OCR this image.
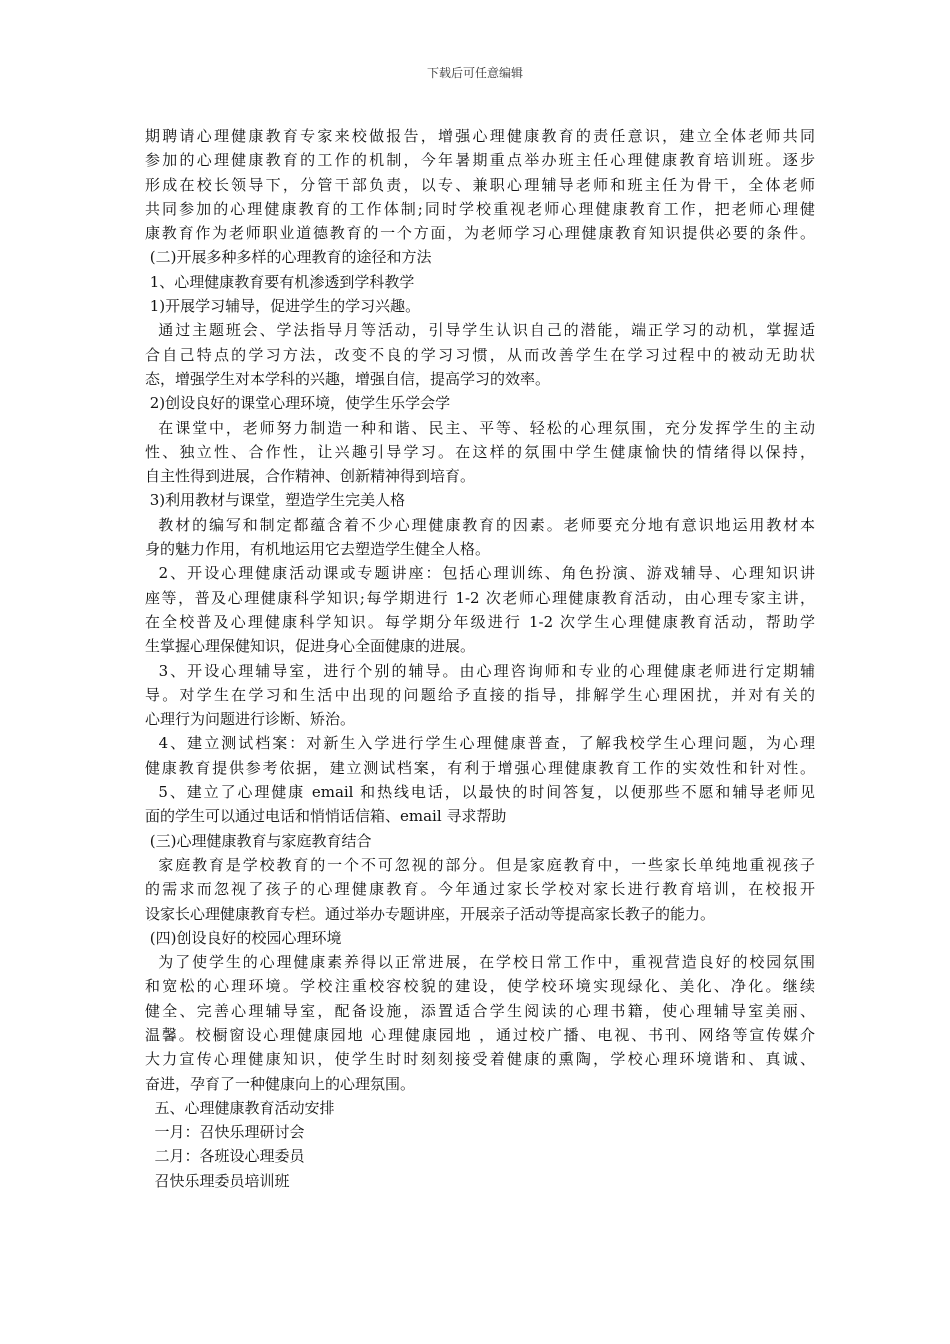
下载后可任意编辑
期聘请心理健康教育专家来校做报告，增强心理健康教育的责任意识，建立全体老师共同
参加的心理健康教育的工作的机制，今年暑期重点举办班主任心理健康教育培训班。逐步
形成在校长领导下，分管干部负责，以专、兼职心理辅导老师和班主任为骨干，全体老师
共同参加的心理健康教育的工作体制;同时学校重视老师心理健康教育工作，把老师心理健
康教育作为老师职业道德教育的一个方面，为老师学习心理健康教育知识提供必要的条件。
(二)开展多种多样的心理教育的途径和方法
1、心理健康教育要有机渗透到学科教学
1)开展学习辅导，促进学生的学习兴趣。
通过主题班会、学法指导月等活动，引导学生认识自己的潜能，端正学习的动机，掌握适
合自己特点的学习方法，改变不良的学习习惯，从而改善学生在学习过程中的被动无助状
态，增强学生对本学科的兴趣，增强自信，提高学习的效率。
2)创设良好的课堂心理环境，使学生乐学会学
在课堂中，老师努力制造一种和谐、民主、平等、轻松的心理氛围，充分发挥学生的主动
性、独立性、合作性，让兴趣引导学习。在这样的氛围中学生健康愉快的情绪得以保持，
自主性得到进展，合作精神、创新精神得到培育。
3)利用教材与课堂，塑造学生完美人格
教材的编写和制定都蕴含着不少心理健康教育的因素。老师要充分地有意识地运用教材本
身的魅力作用，有机地运用它去塑造学生健全人格。
2、开设心理健康活动课或专题讲座：包括心理训练、角色扮演、游戏辅导、心理知识讲
座等，普及心理健康科学知识;每学期进行 1-2 次老师心理健康教育活动，由心理专家主讲，
在全校普及心理健康科学知识。每学期分年级进行 1-2 次学生心理健康教育活动，帮助学
生掌握心理保健知识，促进身心全面健康的进展。
3、开设心理辅导室，进行个别的辅导。由心理咨询师和专业的心理健康老师进行定期辅
导。对学生在学习和生活中出现的问题给予直接的指导，排解学生心理困扰，并对有关的
心理行为问题进行诊断、矫治。
4、建立测试档案：对新生入学进行学生心理健康普查，了解我校学生心理问题，为心理
健康教育提供参考依据，建立测试档案，有利于增强心理健康教育工作的实效性和针对性。
5、建立了心理健康 email 和热线电话，以最快的时间答复，以便那些不愿和辅导老师见
面的学生可以通过电话和悄悄话信箱、email 寻求帮助
(三)心理健康教育与家庭教育结合
家庭教育是学校教育的一个不可忽视的部分。但是家庭教育中，一些家长单纯地重视孩子
的需求而忽视了孩子的心理健康教育。今年通过家长学校对家长进行教育培训，在校报开
设家长心理健康教育专栏。通过举办专题讲座，开展亲子活动等提高家长教子的能力。
(四)创设良好的校园心理环境
为了使学生的心理健康素养得以正常进展，在学校日常工作中，重视营造良好的校园氛围
和宽松的心理环境。学校注重校容校貌的建设，使学校环境实现绿化、美化、净化。继续
健全、完善心理辅导室，配备设施，添置适合学生阅读的心理书籍，使心理辅导室美丽、
温馨。校橱窗设心理健康园地 心理健康园地 ，通过校广播、电视、书刊、网络等宣传媒介
大力宣传心理健康知识，使学生时时刻刻接受着健康的熏陶，学校心理环境谐和、真诚、
奋进，孕育了一种健康向上的心理氛围。
五、心理健康教育活动安排
一月：召快乐理研讨会
二月：各班设心理委员
召快乐理委员培训班
